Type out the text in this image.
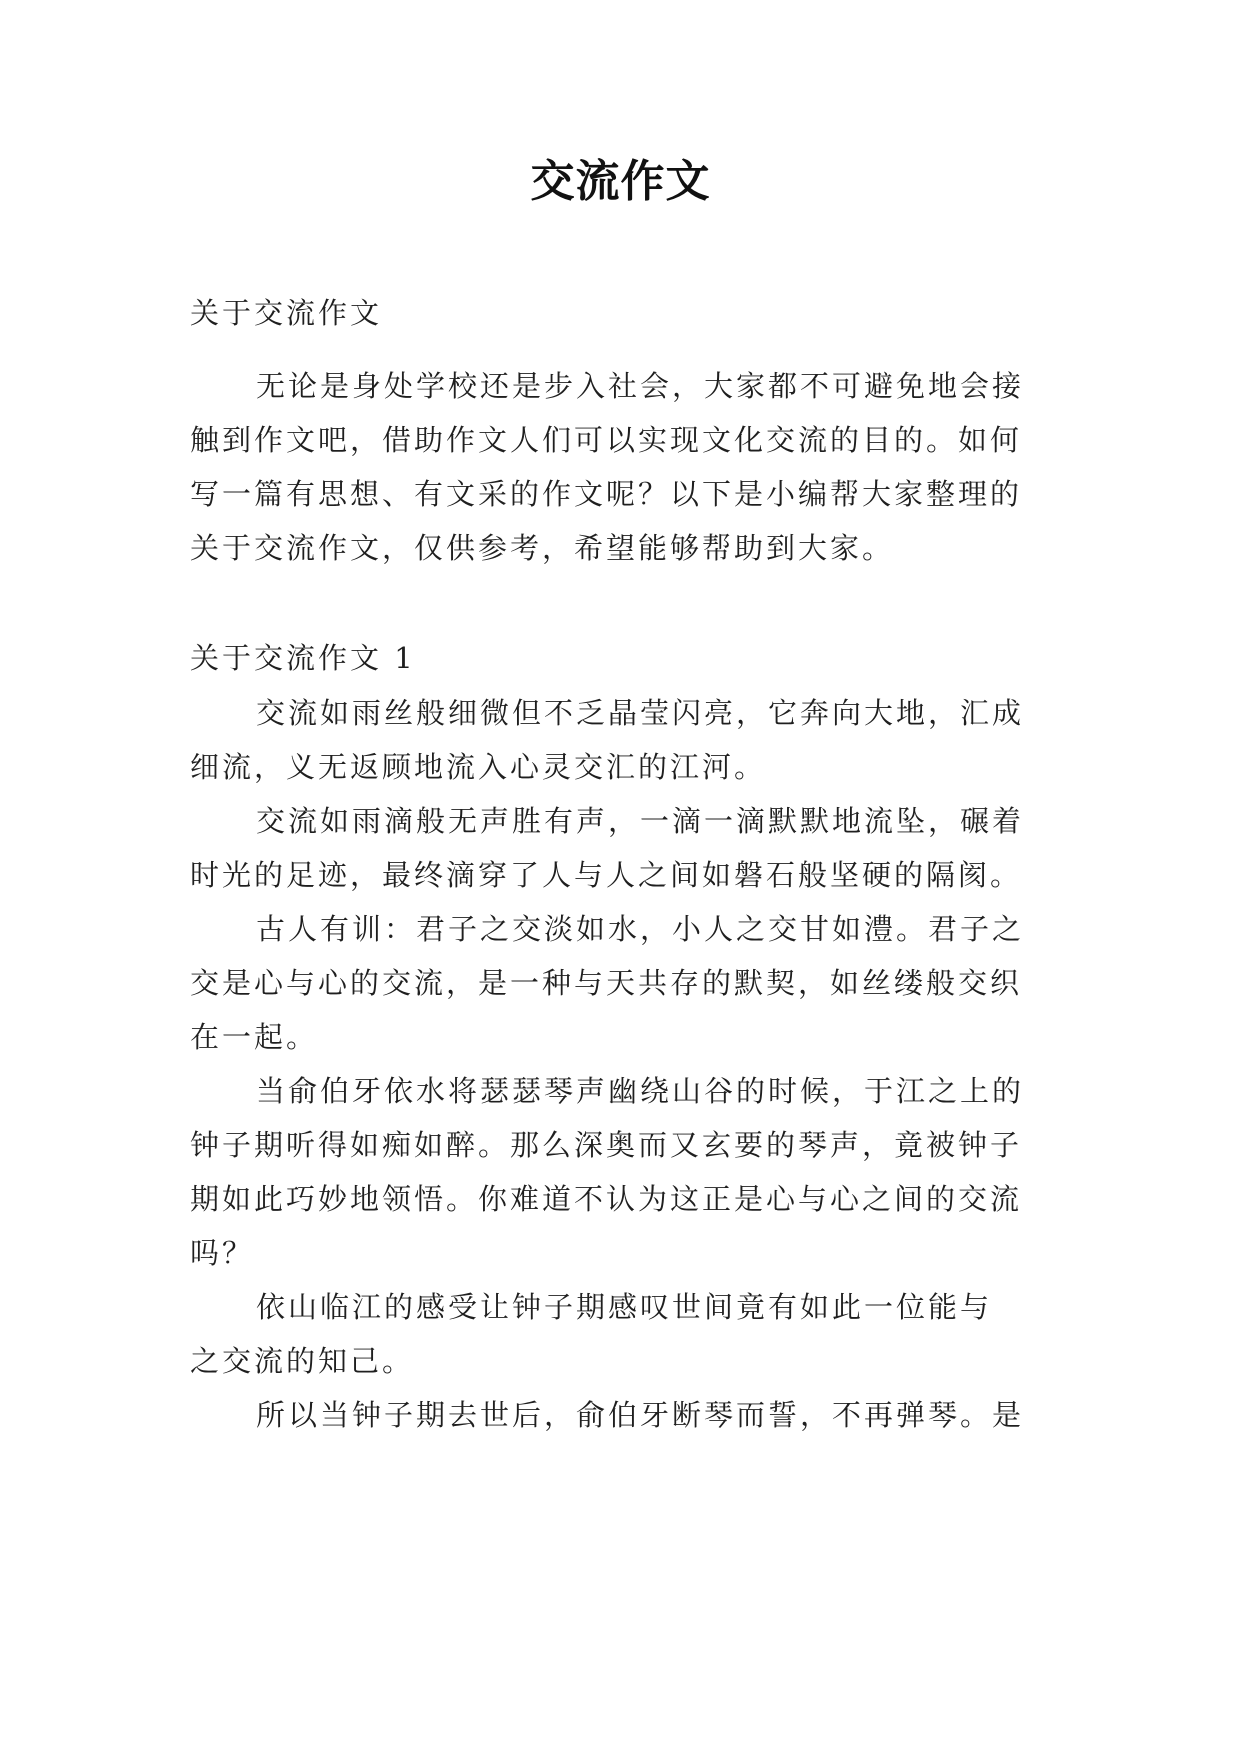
交流作文
关于交流作文
无论是身处学校还是步入社会，大家都不可避免地会接
触到作文吧，借助作文人们可以实现文化交流的目的。如何
写一篇有思想、有文采的作文呢？以下是小编帮大家整理的
关于交流作文，仅供参考，希望能够帮助到大家。
关于交流作文 1
交流如雨丝般细微但不乏晶莹闪亮，它奔向大地，汇成
细流，义无返顾地流入心灵交汇的江河。
交流如雨滴般无声胜有声，一滴一滴默默地流坠，碾着
时光的足迹，最终滴穿了人与人之间如磐石般坚硬的隔阂。
古人有训：君子之交淡如水，小人之交甘如澧。君子之
交是心与心的交流，是一种与天共存的默契，如丝缕般交织
在一起。
当俞伯牙依水将瑟瑟琴声幽绕山谷的时候，于江之上的
钟子期听得如痴如醉。那么深奥而又玄要的琴声，竟被钟子
期如此巧妙地领悟。你难道不认为这正是心与心之间的交流
吗？
依山临江的感受让钟子期感叹世间竟有如此一位能与
之交流的知己。
所以当钟子期去世后，俞伯牙断琴而誓，不再弹琴。是
